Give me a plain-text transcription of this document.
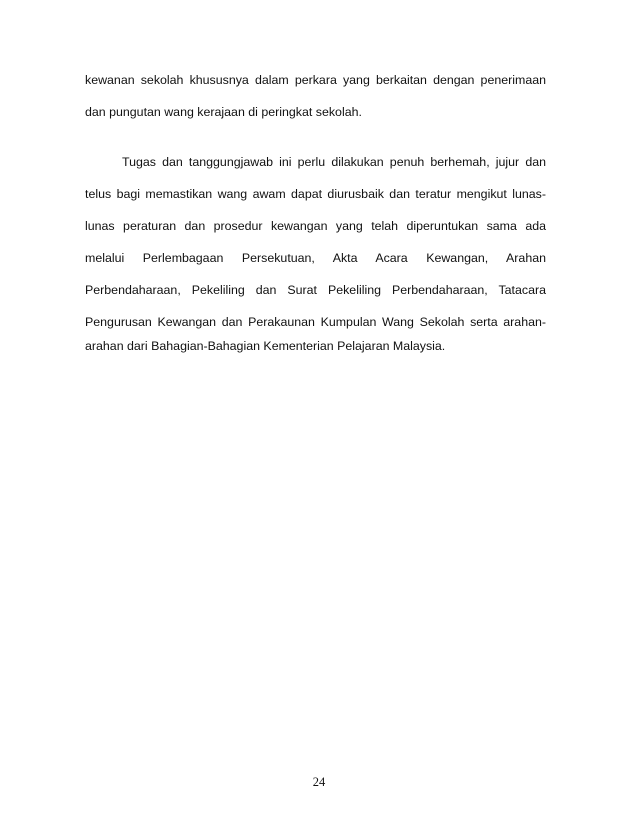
kewanan sekolah khususnya dalam perkara yang berkaitan dengan penerimaan
dan pungutan wang kerajaan di peringkat sekolah.
Tugas dan tanggungjawab ini perlu dilakukan penuh berhemah, jujur dan
telus bagi memastikan wang awam dapat diurusbaik dan teratur mengikut lunas-
lunas peraturan dan prosedur kewangan yang telah diperuntukan sama ada
melalui Perlembagaan Persekutuan, Akta Acara Kewangan, Arahan
Perbendaharaan, Pekeliling dan Surat Pekeliling Perbendaharaan, Tatacara
Pengurusan Kewangan dan Perakaunan Kumpulan Wang Sekolah serta arahan-
arahan dari Bahagian-Bahagian Kementerian Pelajaran Malaysia.
24
